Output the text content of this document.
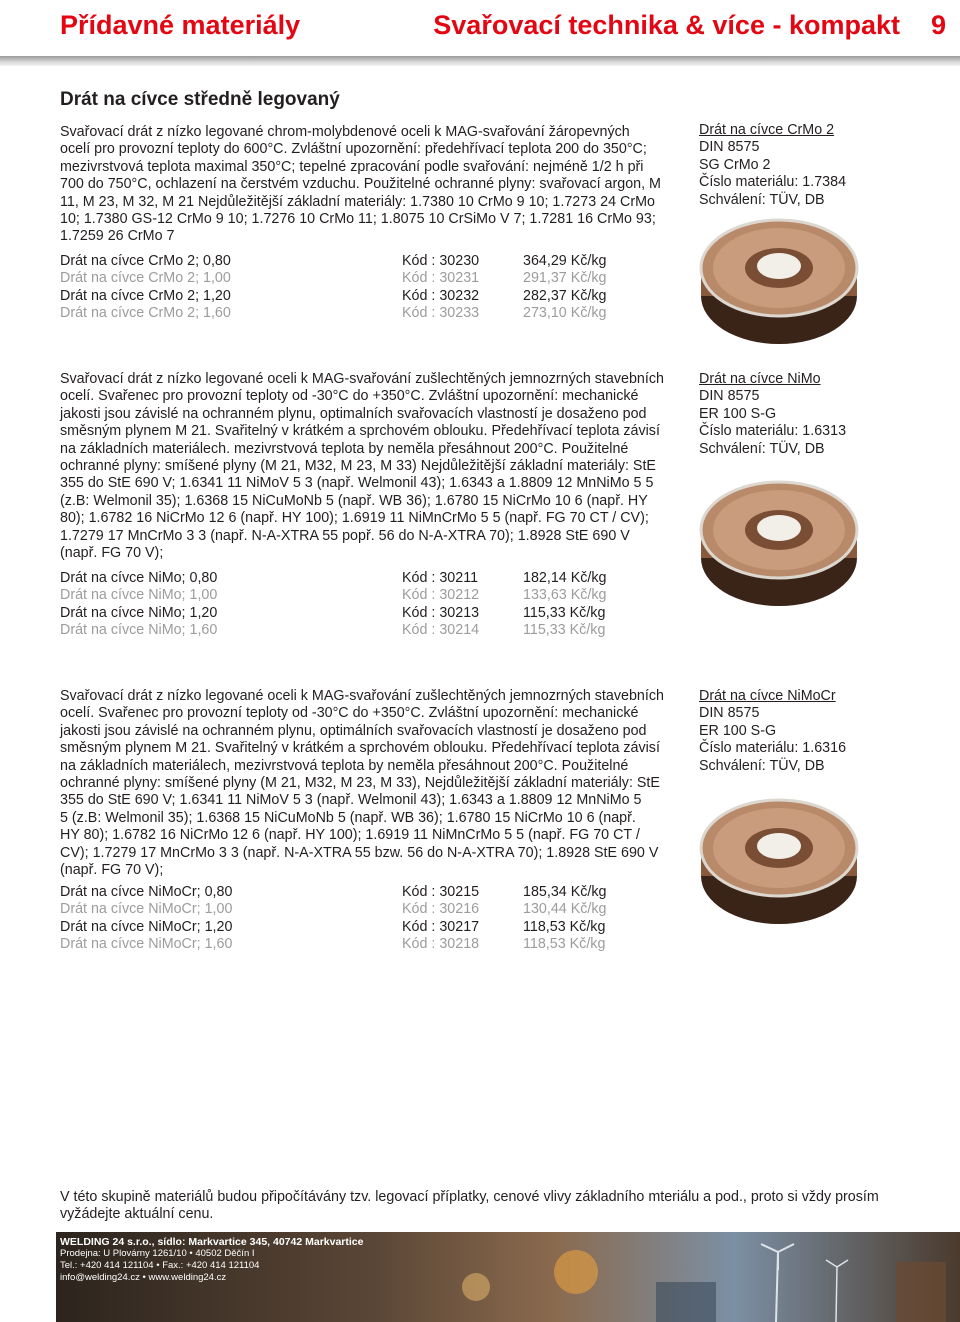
Přídavné materiály	Svařovací technika & více - kompakt 9
Drát na cívce středně legovaný
Svařovací drát z nízko legované chrom-molybdenové oceli k MAG-svařování žáropevných
ocelí pro provozní teploty do 600°C. Zvláštní upozornění: předehřívací teplota 200 do 350°C;
mezivrstvová teplota maximal 350°C; tepelné zpracování podle svařování: nejméně 1/2 h při
700 do 750°C, ochlazení na čerstvém vzduchu. Použitelné ochranné plyny: svařovací argon, M
11, M 23, M 32, M 21 Nejdůležitější základní materiály: 1.7380 10 CrMo 9 10; 1.7273 24 CrMo
10; 1.7380 GS-12 CrMo 9 10; 1.7276 10 CrMo 11; 1.8075 10 CrSiMo V 7; 1.7281 16 CrMo 93;
1.7259 26 CrMo 7
Drát na cívce CrMo 2; 0,80	Kód : 30230	364,29 Kč/kg
Drát na cívce CrMo 2; 1,00	Kód : 30231	291,37 Kč/kg
Drát na cívce CrMo 2; 1,20	Kód : 30232	282,37 Kč/kg
Drát na cívce CrMo 2; 1,60	Kód : 30233	273,10 Kč/kg
Drát na cívce CrMo 2
DIN 8575
SG CrMo 2
Číslo materiálu: 1.7384
Schválení: TÜV, DB
Svařovací drát z nízko legované oceli k MAG-svařování zušlechtěných jemnozrných stavebních
ocelí. Svařenec pro provozní teploty od -30°C do +350°C. Zvláštní upozornění: mechanické
jakosti jsou závislé na ochranném plynu, optimalních svařovacích vlastností je dosaženo pod
směsným plynem M 21. Svařitelný v krátkém a sprchovém oblouku. Předehřívací teplota závisí
na základních materiálech. mezivrstvová teplota by neměla přesáhnout 200°C. Použitelné
ochranné plyny: smíšené plyny (M 21, M32, M 23, M 33) Nejdůležitější základní materiály: StE
355 do StE 690 V; 1.6341 11 NiMoV 5 3 (např. Welmonil 43); 1.6343 a 1.8809 12 MnNiMo 5 5
(z.B: Welmonil 35); 1.6368 15 NiCuMoNb 5 (např. WB 36); 1.6780 15 NiCrMo 10 6 (např. HY
80); 1.6782 16 NiCrMo 12 6 (např. HY 100); 1.6919 11 NiMnCrMo 5 5 (např. FG 70 CT / CV);
1.7279 17 MnCrMo 3 3 (např. N-A-XTRA 55 popř. 56 do N-A-XTRA 70); 1.8928 StE 690 V
(např. FG 70 V);
Drát na cívce NiMo; 0,80	Kód : 30211	182,14 Kč/kg
Drát na cívce NiMo; 1,00	Kód : 30212	133,63 Kč/kg
Drát na cívce NiMo; 1,20	Kód : 30213	115,33 Kč/kg
Drát na cívce NiMo; 1,60	Kód : 30214	115,33 Kč/kg
Drát na cívce NiMo
DIN 8575
ER 100 S-G
Číslo materiálu: 1.6313
Schválení: TÜV, DB
Svařovací drát z nízko legované oceli k MAG-svařování zušlechtěných jemnozrných stavebních
ocelí. Svařenec pro provozní teploty od -30°C do +350°C. Zvláštní upozornění: mechanické
jakosti jsou závislé na ochranném plynu, optimálních svařovacích vlastností je dosaženo pod
směsným plynem M 21. Svařitelný v krátkém a sprchovém oblouku. Předehřívací teplota závisí
na základních materiálech, mezivrstvová teplota by neměla přesáhnout 200°C. Použitelné
ochranné plyny: smíšené plyny (M 21, M32, M 23, M 33), Nejdůležitější základní materiály: StE
355 do StE 690 V; 1.6341 11 NiMoV 5 3 (např. Welmonil 43); 1.6343 a 1.8809 12 MnNiMo 5
5 (z.B: Welmonil 35); 1.6368 15 NiCuMoNb 5 (např. WB 36); 1.6780 15 NiCrMo 10 6 (např.
HY 80); 1.6782 16 NiCrMo 12 6 (např. HY 100); 1.6919 11 NiMnCrMo 5 5 (např. FG 70 CT /
CV); 1.7279 17 MnCrMo 3 3 (např. N-A-XTRA 55 bzw. 56 do N-A-XTRA 70); 1.8928 StE 690 V
(např. FG 70 V);
Drát na cívce NiMoCr; 0,80	Kód : 30215	185,34 Kč/kg
Drát na cívce NiMoCr; 1,00	Kód : 30216	130,44 Kč/kg
Drát na cívce NiMoCr; 1,20	Kód : 30217	118,53 Kč/kg
Drát na cívce NiMoCr; 1,60	Kód : 30218	118,53 Kč/kg
Drát na cívce NiMoCr
DIN 8575
ER 100 S-G
Číslo materiálu: 1.6316
Schválení: TÜV, DB
V této skupině materiálů budou připočítávány tzv. legovací příplatky, cenové vlivy základního mteriálu a pod., proto si vždy prosím
vyžádejte aktuální cenu.
WELDING 24 s.r.o., sídlo: Markvartice 345, 40742 Markvartice
Prodejna: U Plovárny 1261/10 • 40502 Děčín I
Tel.: +420 414 121104 • Fax.: +420 414 121104
info@welding24.cz • www.welding24.cz
